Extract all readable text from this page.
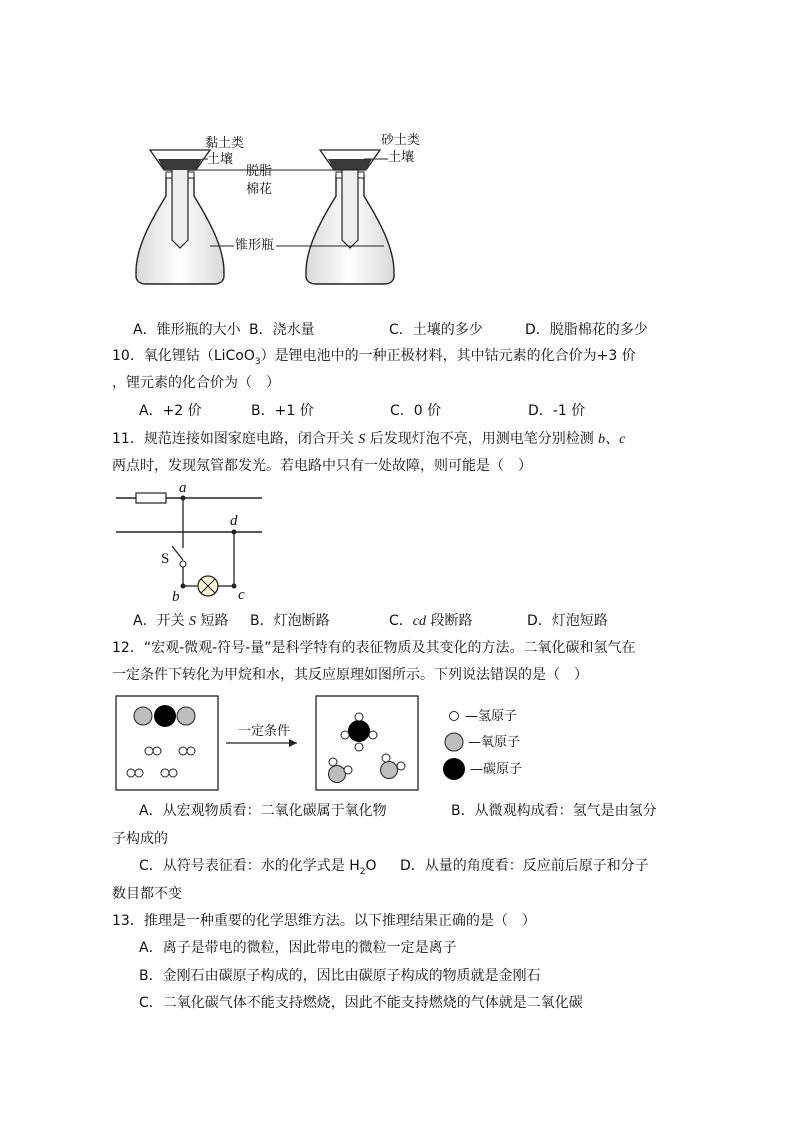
黏土类
土壤
脱脂
棉花
砂土类
土壤
锥形瓶
A．锥形瓶的大小 B．浇水量	C．土壤的多少	D．脱脂棉花的多少
10．氧化锂钴（LiCoO$_3$）是锂电池中的一种正极材料，其中钴元素的化合价为+3 价
，锂元素的化合价为（　）
A．+2 价	B．+1 价	C．0 价	D．-1 价
11．规范连接如图家庭电路，闭合开关 S 后发现灯泡不亮，用测电笔分别检测 b、c
两点时，发现氖管都发光。若电路中只有一处故障，则可能是（　）
a
d
S
b	c
A．开关 S 短路 B．灯泡断路	C．cd 段断路	D．灯泡短路
12．“宏观-微观-符号-量”是科学特有的表征物质及其变化的方法。二氧化碳和氢气在
一定条件下转化为甲烷和水，其反应原理如图所示。下列说法错误的是（　）
一定条件
—氢原子
—氧原子
—碳原子
A．从宏观物质看：二氧化碳属于氧化物	B．从微观构成看：氢气是由氢分
子构成的
C．从符号表征看：水的化学式是 $H_2O$ D．从量的角度看：反应前后原子和分子
数目都不变
13．推理是一种重要的化学思维方法。以下推理结果正确的是（　）
A．离子是带电的微粒，因此带电的微粒一定是离子
B．金刚石由碳原子构成的，因比由碳原子构成的物质就是金刚石
C．二氧化碳气体不能支持燃烧，因此不能支持燃烧的气体就是二氧化碳
